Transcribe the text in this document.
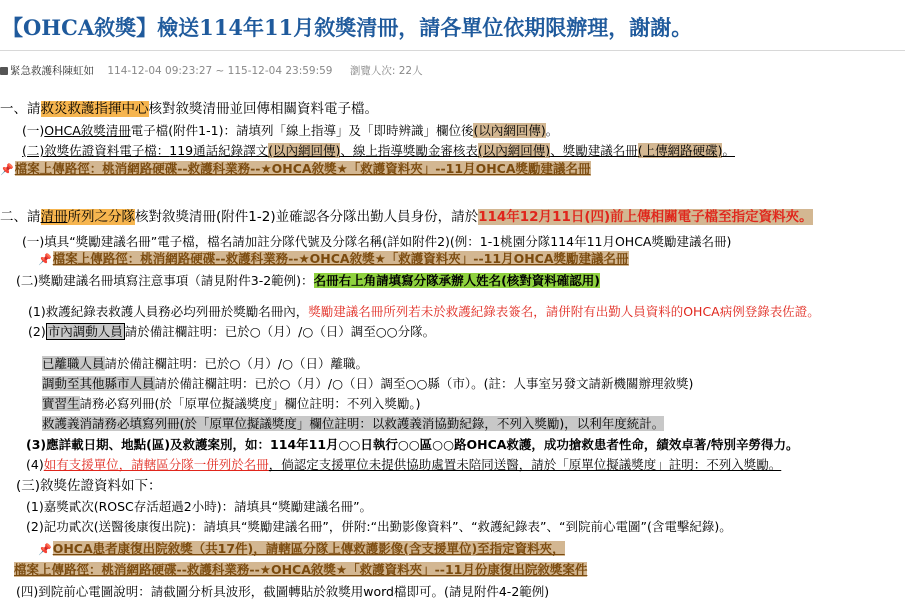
【OHCA敘獎】檢送114年11月敘獎清冊，請各單位依期限辦理，謝謝。
緊急救護科陳虹如 114-12-04 09:23:27 ~ 115-12-04 23:59:59 瀏覽人次: 22人
一、請救災救護指揮中心核對敘獎清冊並回傳相關資料電子檔。
(一)OHCA敘獎清冊電子檔(附件1-1)：請填列「線上指導」及「即時辨識」欄位後(以內網回傳)。
(二)敘獎佐證資料電子檔：119通話紀錄譯文(以內網回傳)、線上指導獎勵金審核表(以內網回傳)、獎勵建議名冊(上傳網路硬碟)。
📌檔案上傳路徑：桃消網路硬碟--救護科業務--★OHCA敘獎★「救護資料夾」--11月OHCA獎勵建議名冊
二、請清冊所列之分隊核對敘獎清冊(附件1-2)並確認各分隊出勤人員身份，請於114年12月11日(四)前上傳相關電子檔至指定資料夾。
(一)填具“獎勵建議名冊”電子檔，檔名請加註分隊代號及分隊名稱(詳如附件2)(例：1-1桃園分隊114年11月OHCA獎勵建議名冊)
📌檔案上傳路徑：桃消網路硬碟--救護科業務--★OHCA敘獎★「救護資料夾」--11月OHCA獎勵建議名冊
(二)獎勵建議名冊填寫注意事項（請見附件3-2範例)：名冊右上角請填寫分隊承辦人姓名(核對資料確認用)
(1)救護紀錄表救護人員務必均列冊於獎勵名冊內，獎勵建議名冊所列若未於救護紀錄表簽名，請併附有出勤人員資料的OHCA病例登錄表佐證。
(2) 市內調動人員 請於備註欄註明：已於○（月）/○（日）調至○○分隊。
已離職人員請於備註欄註明：已於○（月）/○（日）離職。
調動至其他縣市人員請於備註欄註明：已於○（月）/○（日）調至○○縣（市）。(註：人事室另發文請新機關辦理敘獎)
實習生請務必寫列冊(於「原單位擬議獎度」欄位註明：不列入獎勵。)
救護義消請務必填寫列冊(於「原單位擬議獎度」欄位註明：以救護義消協勤紀錄，不列入獎勵)，以利年度統計。
(3)應詳載日期、地點(區)及救護案別，如：114年11月○○日執行○○區○○路OHCA救護，成功搶救患者性命，績效卓著/特別辛勞得力。
(4)如有支援單位，請轄區分隊一併列於名冊，倘認定支援單位未提供協助處置未陪同送醫，請於「原單位擬議獎度」註明：不列入獎勵。
(三)敘獎佐證資料如下：
(1)嘉獎貳次(ROSC存活超過2小時)：請填具“獎勵建議名冊”。
(2)記功貳次(送醫後康復出院)：請填具“獎勵建議名冊”，併附:“出勤影像資料”、“救護紀錄表”、“到院前心電圖”(含電擊紀錄)。
📌OHCA患者康復出院敘獎（共17件)，請轄區分隊上傳救護影像(含支援單位)至指定資料夾，
檔案上傳路徑：桃消網路硬碟--救護科業務--★OHCA敘獎★「救護資料夾」--11月份康復出院敘獎案件
(四)到院前心電圖說明：請截圖分析具波形，截圖轉貼於敘獎用word檔即可。(請見附件4-2範例)
